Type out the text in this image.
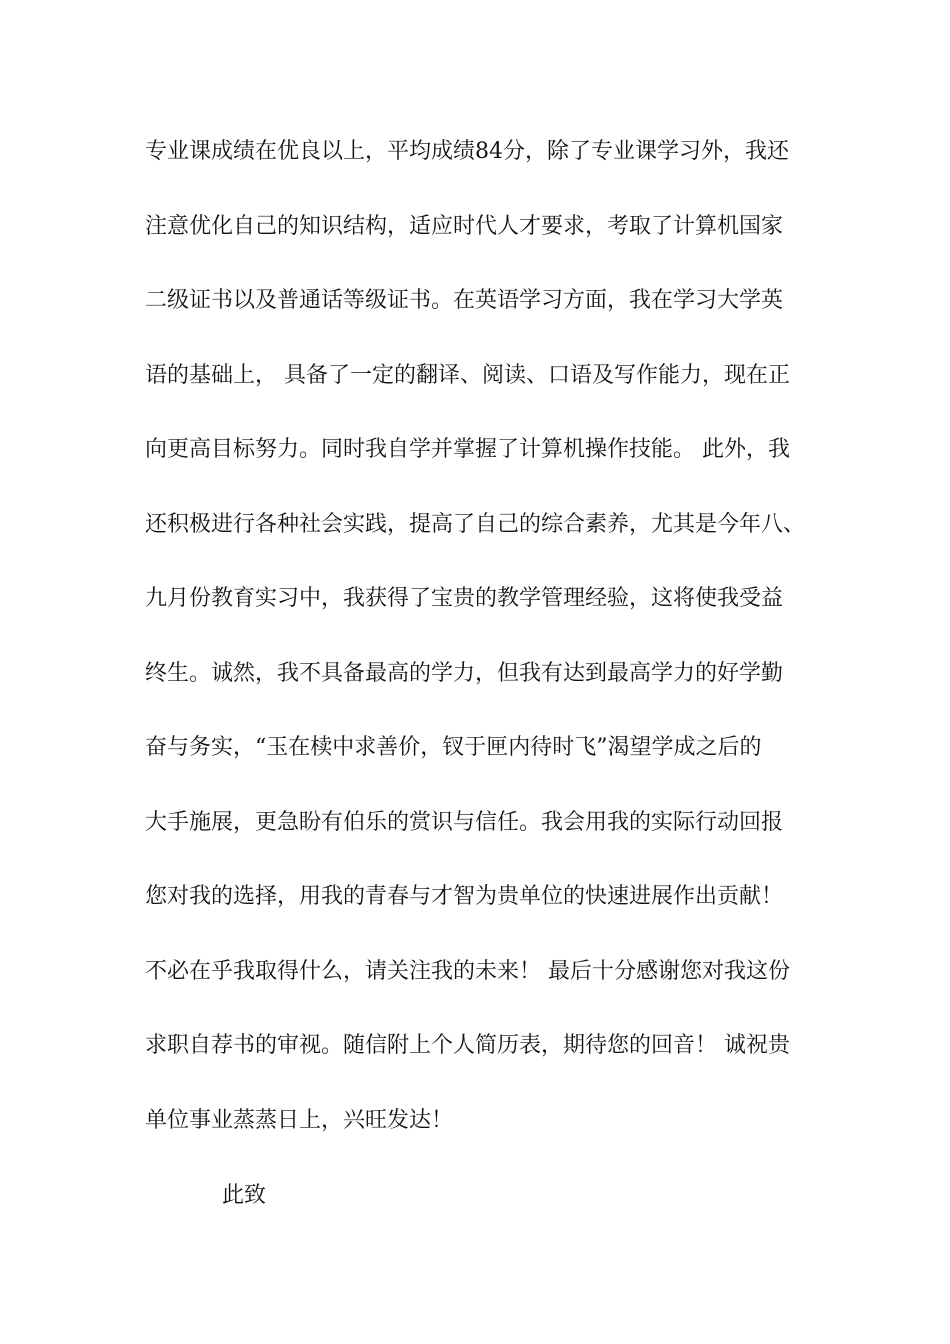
专业课成绩在优良以上，平均成绩84分，除了专业课学习外，我还
注意优化自己的知识结构，适应时代人才要求，考取了计算机国家
二级证书以及普通话等级证书。在英语学习方面，我在学习大学英
语的基础上， 具备了一定的翻译、阅读、口语及写作能力，现在正
向更高目标努力。同时我自学并掌握了计算机操作技能。 此外，我
还积极进行各种社会实践，提高了自己的综合素养，尤其是今年八、
九月份教育实习中，我获得了宝贵的教学管理经验，这将使我受益
终生。诚然，我不具备最高的学力，但我有达到最高学力的好学勤
奋与务实，“玉在椟中求善价，钗于匣内待时飞”渴望学成之后的
大手施展，更急盼有伯乐的赏识与信任。我会用我的实际行动回报
您对我的选择，用我的青春与才智为贵单位的快速进展作出贡献！
不必在乎我取得什么，请关注我的未来！ 最后十分感谢您对我这份
求职自荐书的审视。随信附上个人简历表，期待您的回音！ 诚祝贵
单位事业蒸蒸日上，兴旺发达！

此致
